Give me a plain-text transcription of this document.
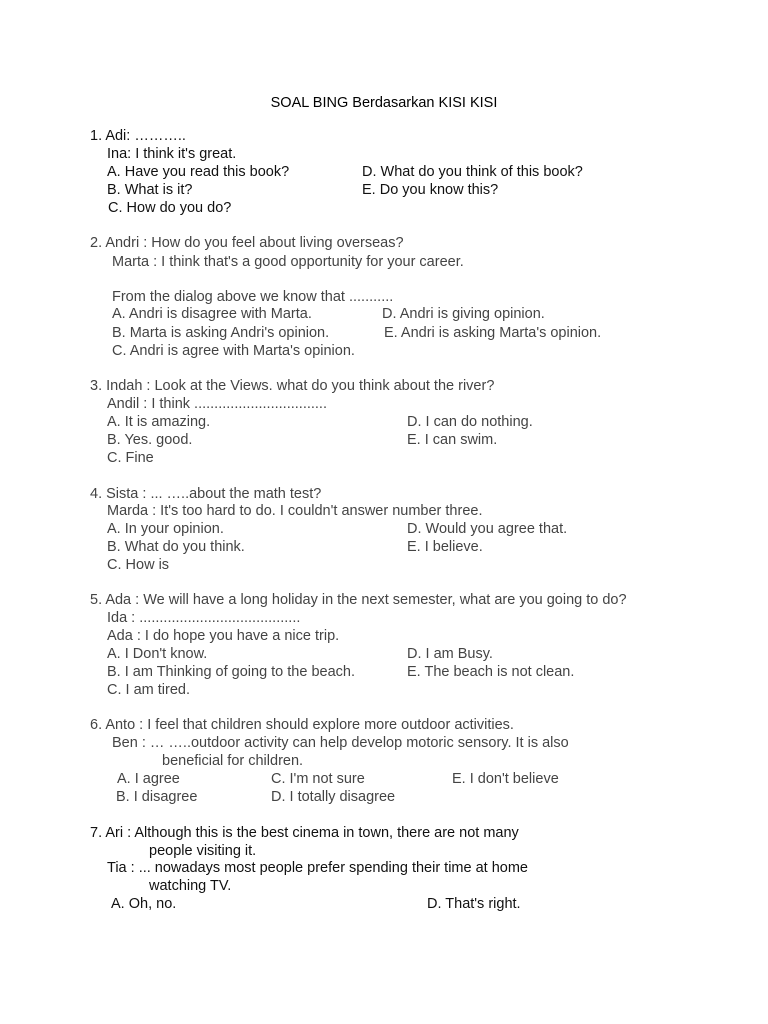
SOAL BING Berdasarkan KISI KISI
1. Adi: ………..
Ina: I think it's great.
A. Have you read this book?	D. What do you think of this book?
B. What is it?	E. Do you know this?
C. How do you do?
2. Andri : How do you feel about living overseas?
Marta : I think that's a good opportunity for your career.
From the dialog above we know that ...........
A. Andri is disagree with Marta.	D. Andri is giving opinion.
B. Marta is asking Andri's opinion.	E. Andri is asking Marta's opinion.
C. Andri is agree with Marta's opinion.
3. Indah : Look at the Views. what do you think about the river?
Andil : I think .................................
A. It is amazing.	D. I can do nothing.
B. Yes. good.	E. I can swim.
C. Fine
4. Sista : ... …..about the math test?
Marda : It's too hard to do. I couldn't answer number three.
A. In your opinion.	D. Would you agree that.
B. What do you think.	E. I believe.
C. How is
5. Ada : We will have a long holiday in the next semester, what are you going to do?
Ida : ........................................
Ada : I do hope you have a nice trip.
A. I Don't know.	D. I am Busy.
B. I am Thinking of going to the beach.	E. The beach is not clean.
C. I am tired.
6. Anto : I feel that children should explore more outdoor activities.
Ben : … …..outdoor activity can help develop motoric sensory. It is also
beneficial for children.
A. I agree	C. I'm not sure	E. I don't believe
B. I disagree	D. I totally disagree
7. Ari : Although this is the best cinema in town, there are not many
people visiting it.
Tia : ... nowadays most people prefer spending their time at home
watching TV.
A. Oh, no.	D. That's right.
